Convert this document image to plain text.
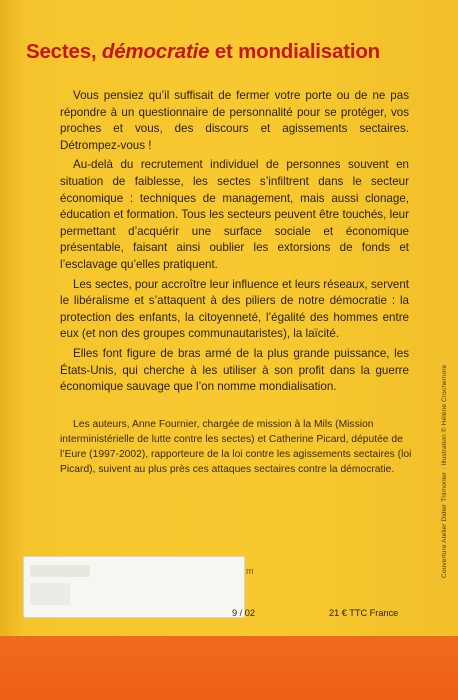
Sectes, démocratie et mondialisation

Vous pensiez qu’il suffisait de fermer votre porte ou de ne pas répondre à un questionnaire de personnalité pour se protéger, vos proches et vous, des discours et agissements sectaires. Détrompez-vous !

Au-delà du recrutement individuel de personnes souvent en situation de faiblesse, les sectes s’infiltrent dans le secteur économique : techniques de management, mais aussi clonage, éducation et formation. Tous les secteurs peuvent être touchés, leur permettant d’acquérir une surface sociale et économique présentable, faisant ainsi oublier les extorsions de fonds et l’esclavage qu’elles pratiquent.

Les sectes, pour accroître leur influence et leurs réseaux, servent le libéralisme et s’attaquent à des piliers de notre démocratie : la protection des enfants, la citoyenneté, l’égalité des hommes entre eux (et non des groupes communautaristes), la laïcité.

Elles font figure de bras armé de la plus grande puissance, les États-Unis, qui cherche à les utiliser à son profit dans la guerre économique sauvage que l’on nomme mondialisation.

Les auteurs, Anne Fournier, chargée de mission à la Mils (Mission interministérielle de lutte contre les sectes) et Catherine Picard, députée de l’Eure (1997-2002), rapporteure de la loi contre les agissements sectaires (loi Picard), suivent au plus près ces attaques sectaires contre la démocratie.	Couverture Atelier Didier Thimonier · Illustration © Hélène Crochemore
m
9 / 02	21 € TTC France
